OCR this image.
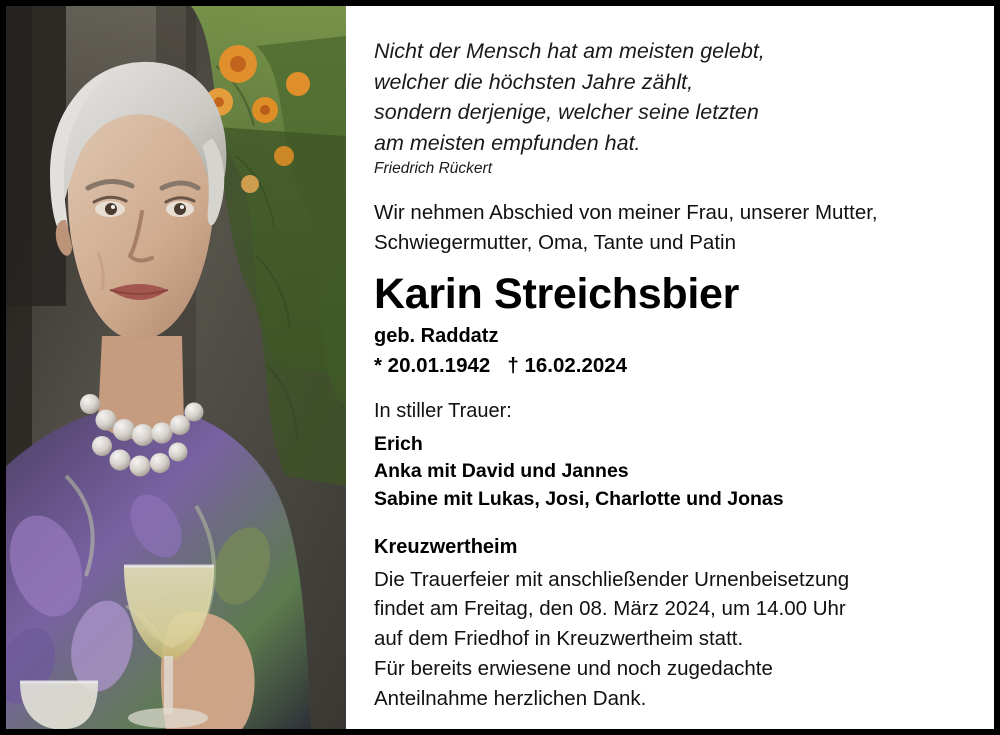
Nicht der Mensch hat am meisten gelebt,
welcher die höchsten Jahre zählt,
sondern derjenige, welcher seine letzten
am meisten empfunden hat.
Friedrich Rückert
Wir nehmen Abschied von meiner Frau, unserer Mutter,
Schwiegermutter, Oma, Tante und Patin
Karin Streichsbier
geb. Raddatz
* 20.01.1942   † 16.02.2024
In stiller Trauer:
Erich
Anka mit David und Jannes
Sabine mit Lukas, Josi, Charlotte und Jonas
Kreuzwertheim
Die Trauerfeier mit anschließender Urnenbeisetzung
findet am Freitag, den 08. März 2024, um 14.00 Uhr
auf dem Friedhof in Kreuzwertheim statt.
Für bereits erwiesene und noch zugedachte
Anteilnahme herzlichen Dank.
